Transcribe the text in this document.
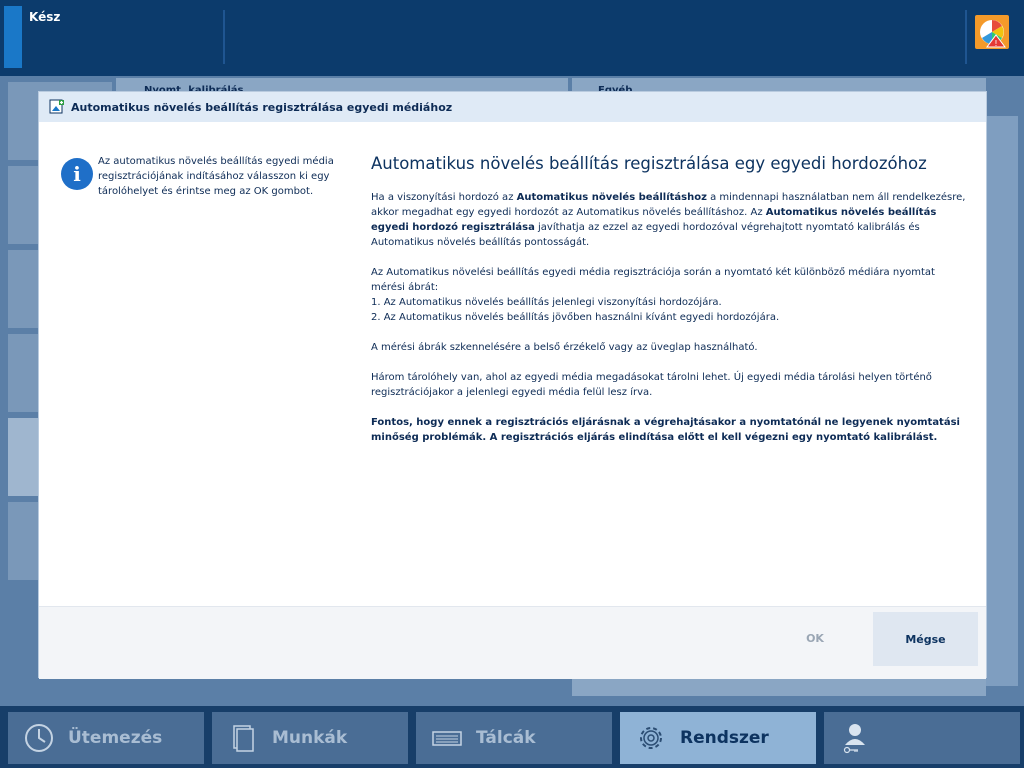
Kész
!
Automatikus növelés beállítás regisztrálása egyedi médiához
i
Az automatikus növelés beállítás egyedi média regisztrációjának indításához válasszon ki egy tárolóhelyet és érintse meg az OK gombot.
Automatikus növelés beállítás regisztrálása egy egyedi hordozóhoz

Ha a viszonyítási hordozó az Automatikus növelés beállításhoz a mindennapi használatban nem áll rendelkezésre, akkor megadhat egy egyedi hordozót az Automatikus növelés beállításhoz. Az Automatikus növelés beállítás egyedi hordozó regisztrálása javíthatja az ezzel az egyedi hordozóval végrehajtott nyomtató kalibrálás és Automatikus növelés beállítás pontosságát.

Az Automatikus növelési beállítás egyedi média regisztrációja során a nyomtató két különböző médiára nyomtat mérési ábrát:
1. Az Automatikus növelés beállítás jelenlegi viszonyítási hordozójára.
2. Az Automatikus növelés beállítás jövőben használni kívánt egyedi hordozójára.

A mérési ábrák szkennelésére a belső érzékelő vagy az üveglap használható.

Három tárolóhely van, ahol az egyedi média megadásokat tárolni lehet. Új egyedi média tárolási helyen történő regisztrációjakor a jelenlegi egyedi média felül lesz írva.

Fontos, hogy ennek a regisztrációs eljárásnak a végrehajtásakor a nyomtatónál ne legyenek nyomtatási minőség problémák. A regisztrációs eljárás elindítása előtt el kell végezni egy nyomtató kalibrálást.

OK	Mégse
Ütemezés	Munkák	Tálcák	Rendszer
